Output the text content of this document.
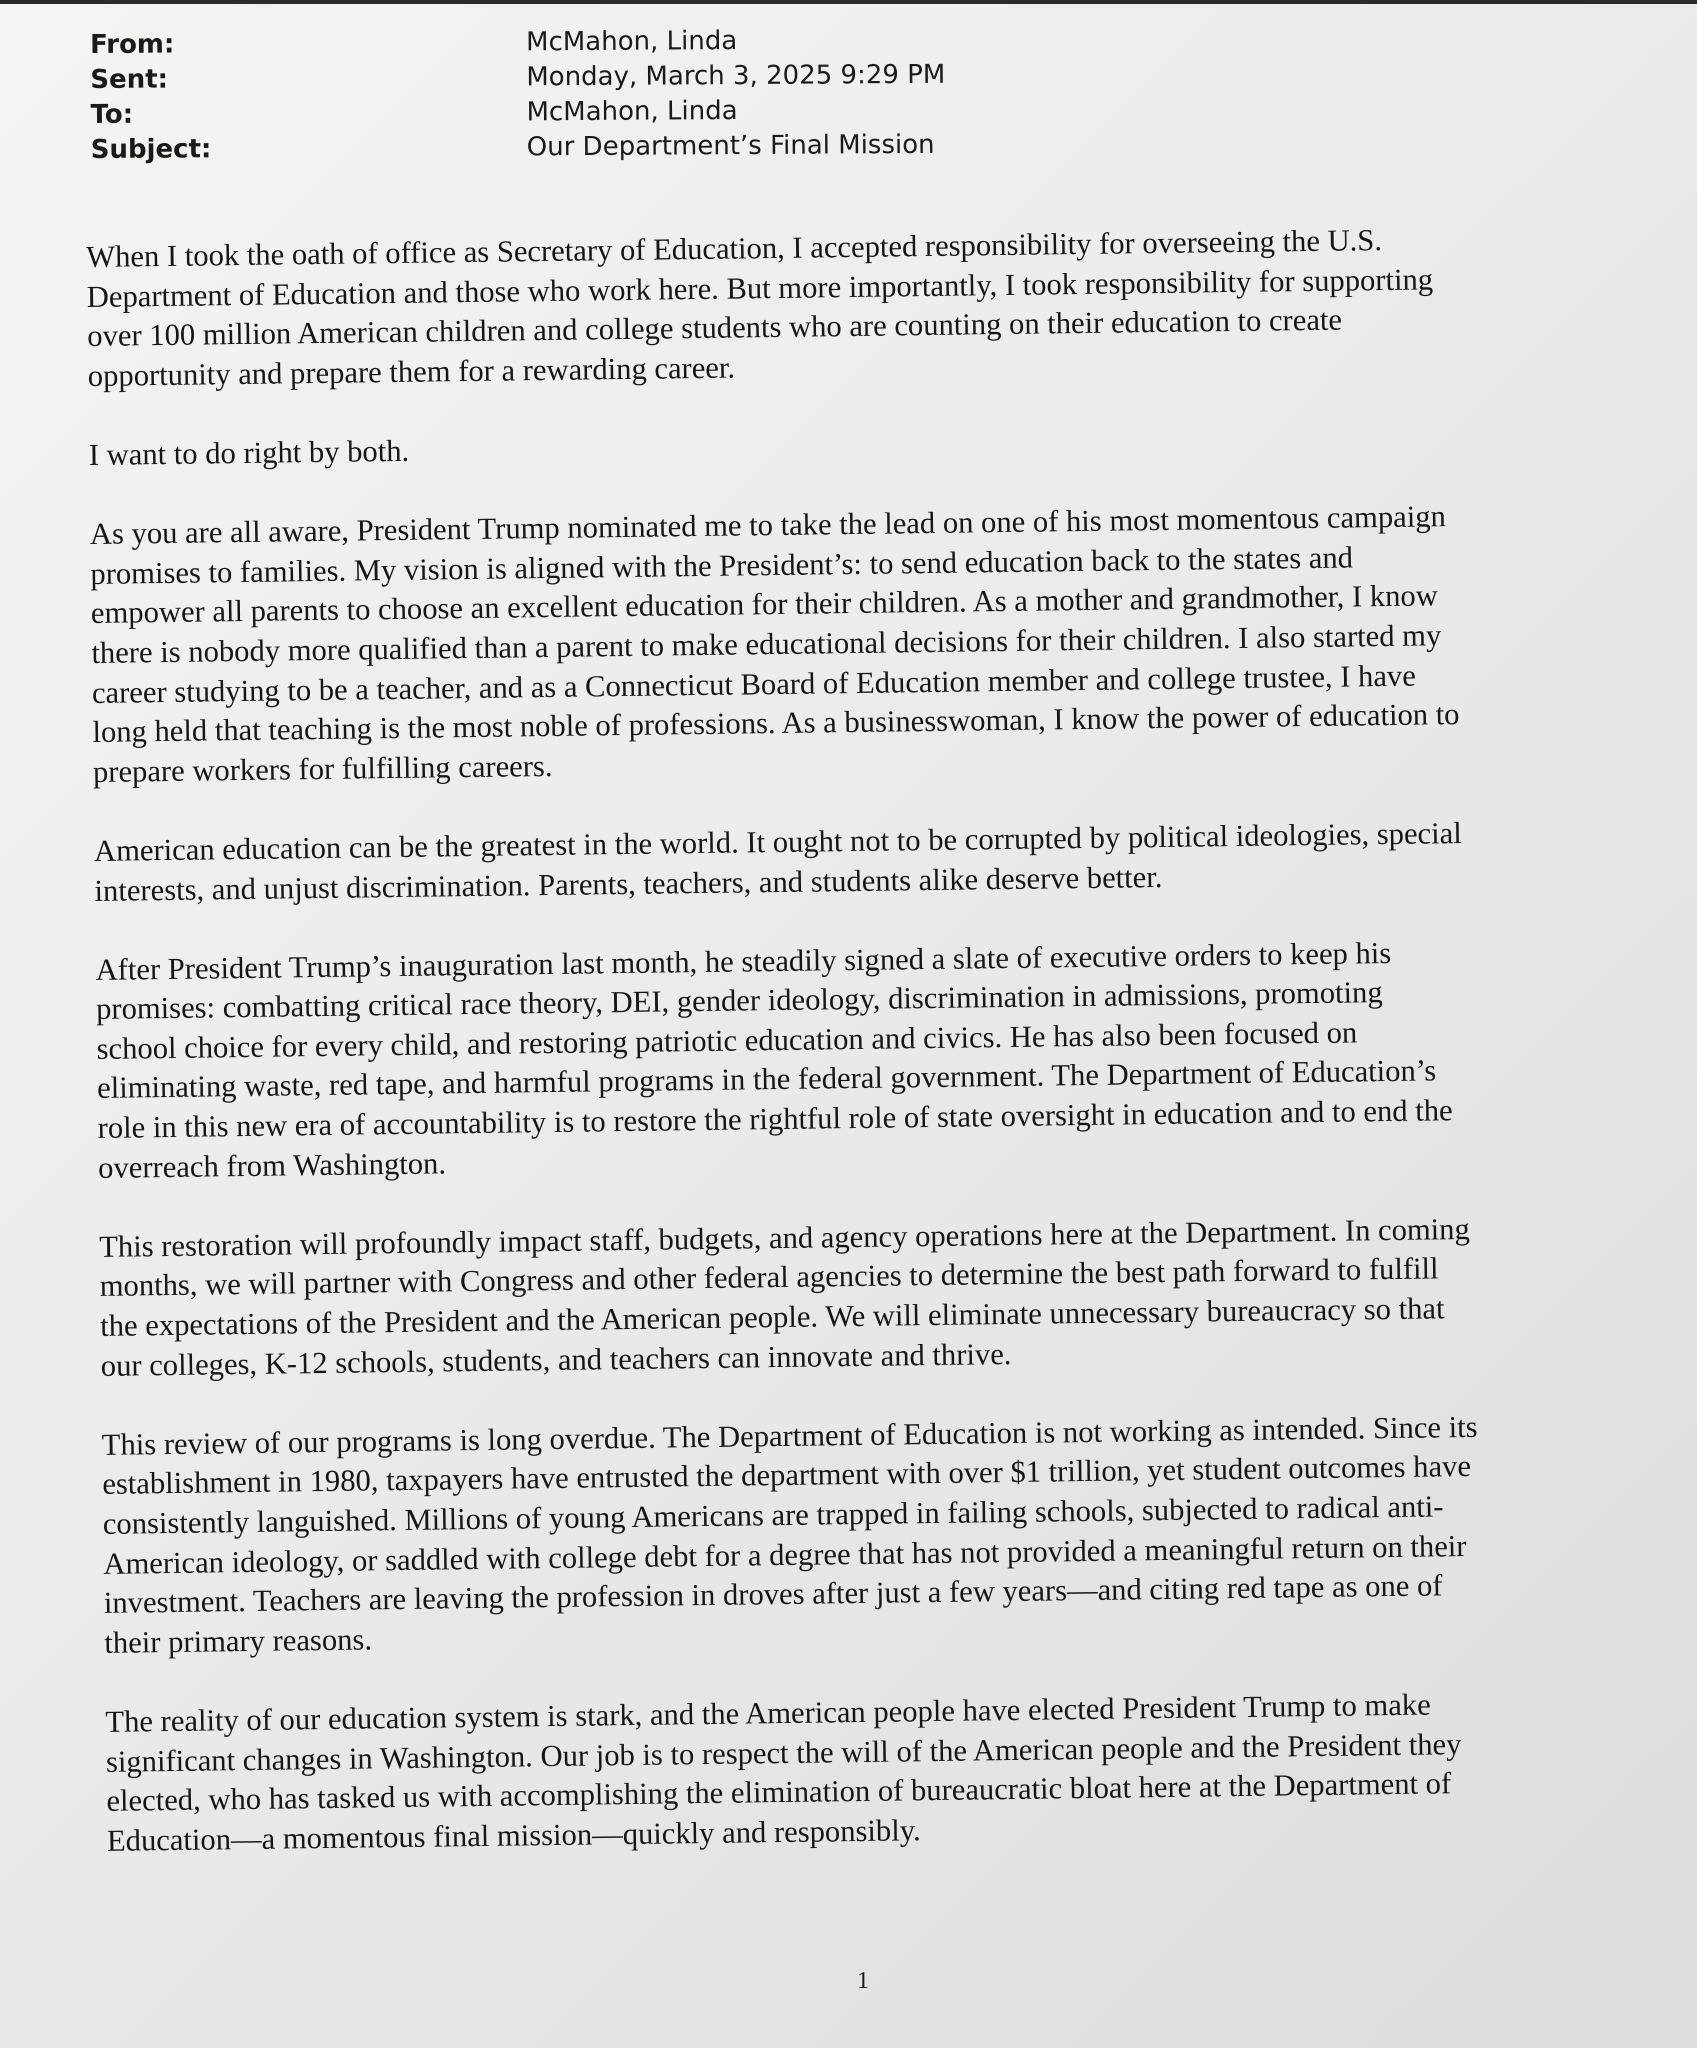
From:	McMahon, Linda
Sent:	Monday, March 3, 2025 9:29 PM
To:	McMahon, Linda
Subject:	Our Department’s Final Mission

When I took the oath of office as Secretary of Education, I accepted responsibility for overseeing the U.S.
Department of Education and those who work here. But more importantly, I took responsibility for supporting
over 100 million American children and college students who are counting on their education to create
opportunity and prepare them for a rewarding career.

I want to do right by both.

As you are all aware, President Trump nominated me to take the lead on one of his most momentous campaign
promises to families. My vision is aligned with the President’s: to send education back to the states and
empower all parents to choose an excellent education for their children. As a mother and grandmother, I know
there is nobody more qualified than a parent to make educational decisions for their children. I also started my
career studying to be a teacher, and as a Connecticut Board of Education member and college trustee, I have
long held that teaching is the most noble of professions. As a businesswoman, I know the power of education to
prepare workers for fulfilling careers.

American education can be the greatest in the world. It ought not to be corrupted by political ideologies, special
interests, and unjust discrimination. Parents, teachers, and students alike deserve better.

After President Trump’s inauguration last month, he steadily signed a slate of executive orders to keep his
promises: combatting critical race theory, DEI, gender ideology, discrimination in admissions, promoting
school choice for every child, and restoring patriotic education and civics. He has also been focused on
eliminating waste, red tape, and harmful programs in the federal government. The Department of Education’s
role in this new era of accountability is to restore the rightful role of state oversight in education and to end the
overreach from Washington.

This restoration will profoundly impact staff, budgets, and agency operations here at the Department. In coming
months, we will partner with Congress and other federal agencies to determine the best path forward to fulfill
the expectations of the President and the American people. We will eliminate unnecessary bureaucracy so that
our colleges, K-12 schools, students, and teachers can innovate and thrive.

This review of our programs is long overdue. The Department of Education is not working as intended. Since its
establishment in 1980, taxpayers have entrusted the department with over $1 trillion, yet student outcomes have
consistently languished. Millions of young Americans are trapped in failing schools, subjected to radical anti-
American ideology, or saddled with college debt for a degree that has not provided a meaningful return on their
investment. Teachers are leaving the profession in droves after just a few years—and citing red tape as one of
their primary reasons.

The reality of our education system is stark, and the American people have elected President Trump to make
significant changes in Washington. Our job is to respect the will of the American people and the President they
elected, who has tasked us with accomplishing the elimination of bureaucratic bloat here at the Department of
Education—a momentous final mission—quickly and responsibly.

1
